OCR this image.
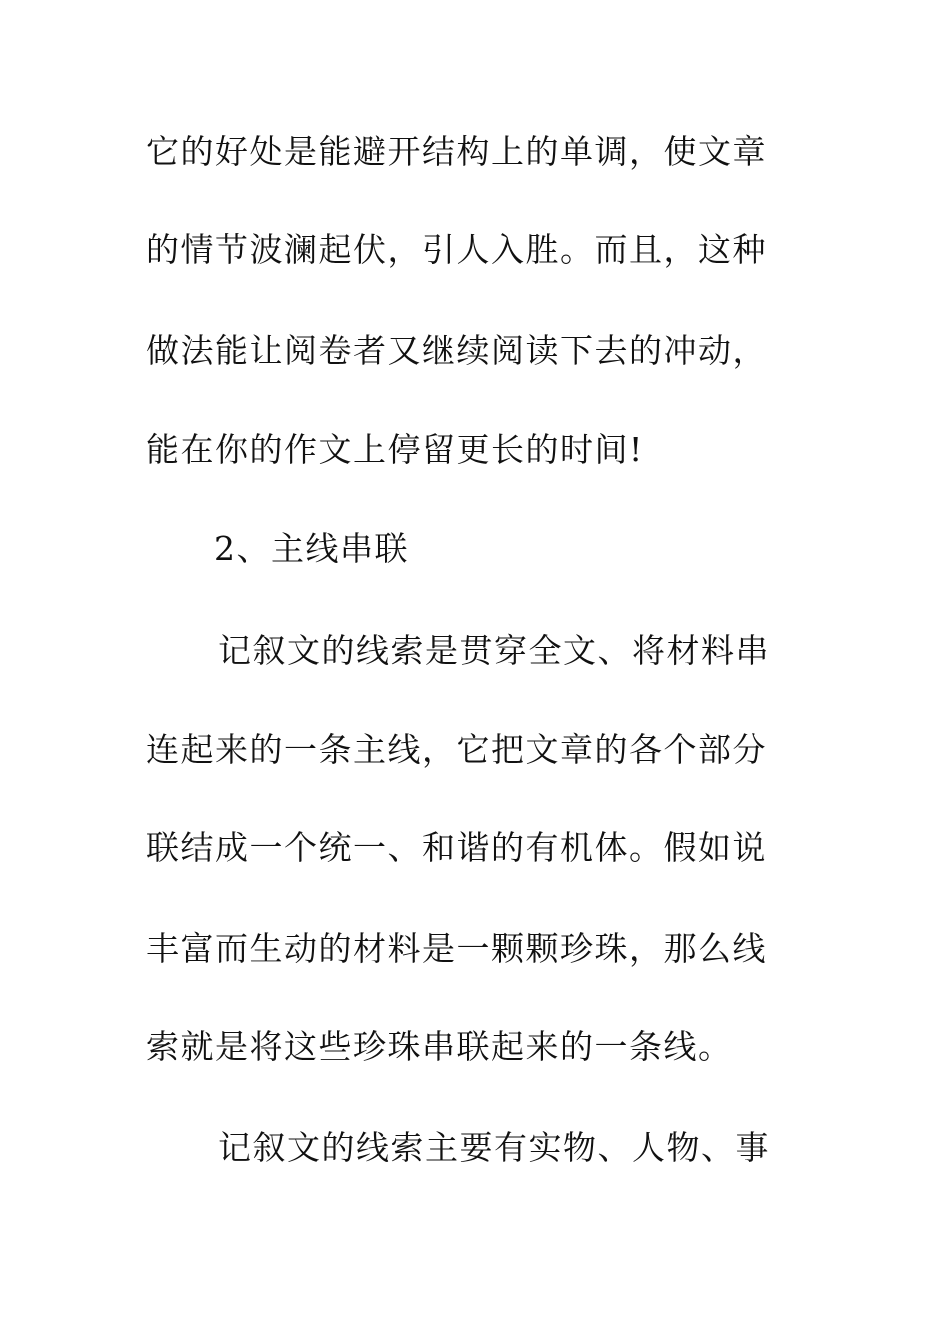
它的好处是能避开结构上的单调，使文章
的情节波澜起伏，引人入胜。而且，这种
做法能让阅卷者又继续阅读下去的冲动，
能在你的作文上停留更长的时间!
2、主线串联
记叙文的线索是贯穿全文、将材料串
连起来的一条主线，它把文章的各个部分
联结成一个统一、和谐的有机体。假如说
丰富而生动的材料是一颗颗珍珠，那么线
索就是将这些珍珠串联起来的一条线。
记叙文的线索主要有实物、人物、事
